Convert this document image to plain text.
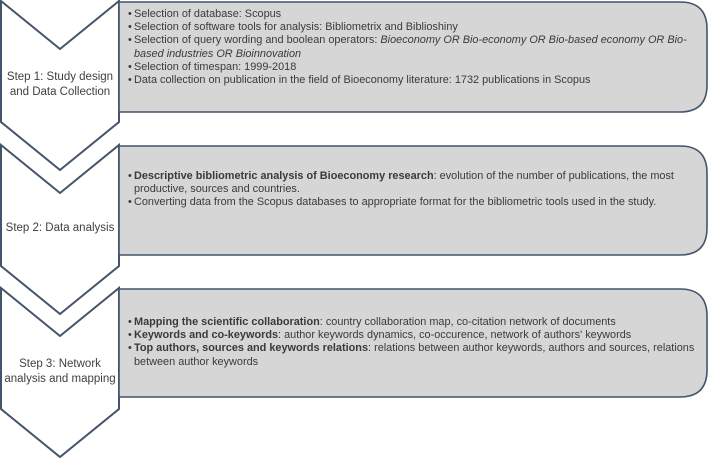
Step 1: Study design
and Data Collection
Step 2: Data analysis
Step 3: Network
analysis and mapping
• Selection of database: Scopus
• Selection of software tools for analysis: Bibliometrix and Biblioshiny
• Selection of query wording and boolean operators: Bioeconomy OR Bio-economy OR Bio-based economy OR Bio-based industries OR Bioinnovation
• Selection of timespan: 1999-2018
• Data collection on publication in the field of Bioeconomy literature: 1732 publications in Scopus
• Descriptive bibliometric analysis of Bioeconomy research: evolution of the number of publications, the most productive, sources and countries.
• Converting data from the Scopus databases to appropriate format for the bibliometric tools used in the study.
• Mapping the scientific collaboration: country collaboration map, co-citation network of documents
• Keywords and co-keywords: author keywords dynamics, co-occurence, network of authors' keywords
• Top authors, sources and keywords relations: relations between author keywords, authors and sources, relations between author keywords
